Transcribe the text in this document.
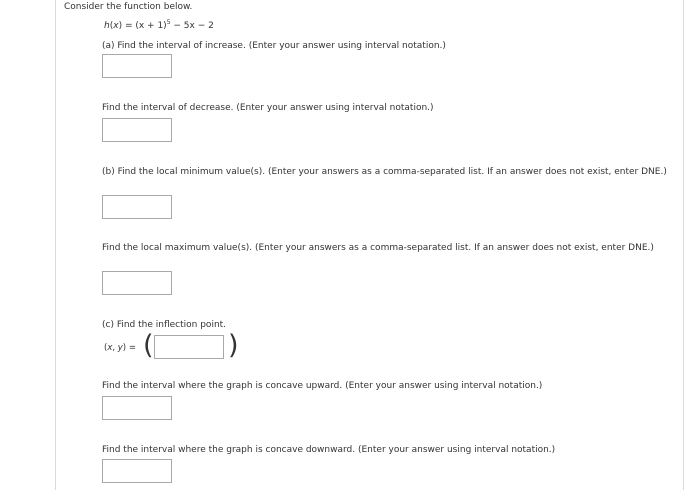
Consider the function below.
$h(x) = (x + 1)^5 - 5x - 2$
(a) Find the interval of increase. (Enter your answer using interval notation.)
Find the interval of decrease. (Enter your answer using interval notation.)
(b) Find the local minimum value(s). (Enter your answers as a comma-separated list. If an answer does not exist, enter DNE.)
Find the local maximum value(s). (Enter your answers as a comma-separated list. If an answer does not exist, enter DNE.)
(c) Find the inflection point.
(x, y) = (	)
Find the interval where the graph is concave upward. (Enter your answer using interval notation.)
Find the interval where the graph is concave downward. (Enter your answer using interval notation.)
